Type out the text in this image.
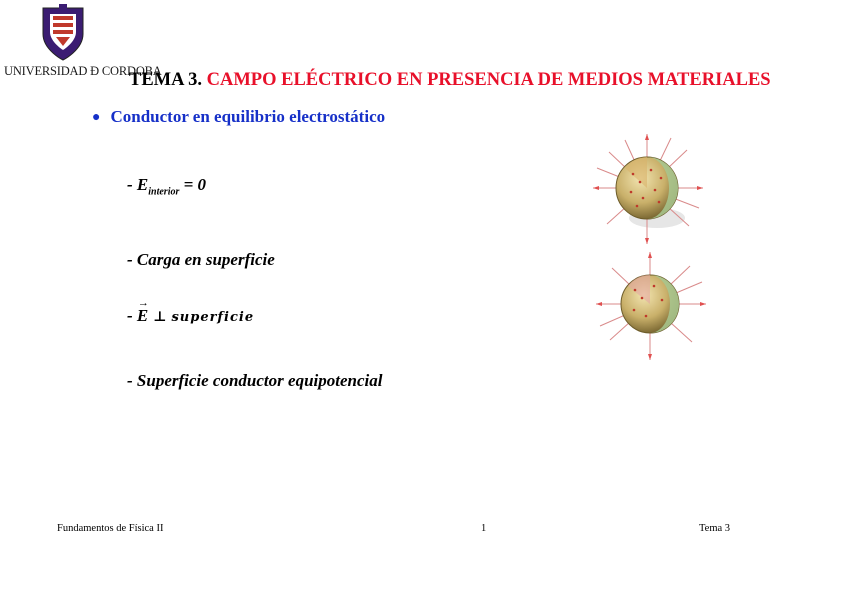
UNIVERSIDAD Ð CORDOBA
TEMA 3. CAMPO ELÉCTRICO EN PRESENCIA DE MEDIOS MATERIALES
● Conductor en equilibrio electrostático
- $E_{interior} = 0$
- Carga en superficie
-
→
E ⊥ superficie
- Superficie conductor equipotencial
Fundamentos de Física II	1	Tema 3
